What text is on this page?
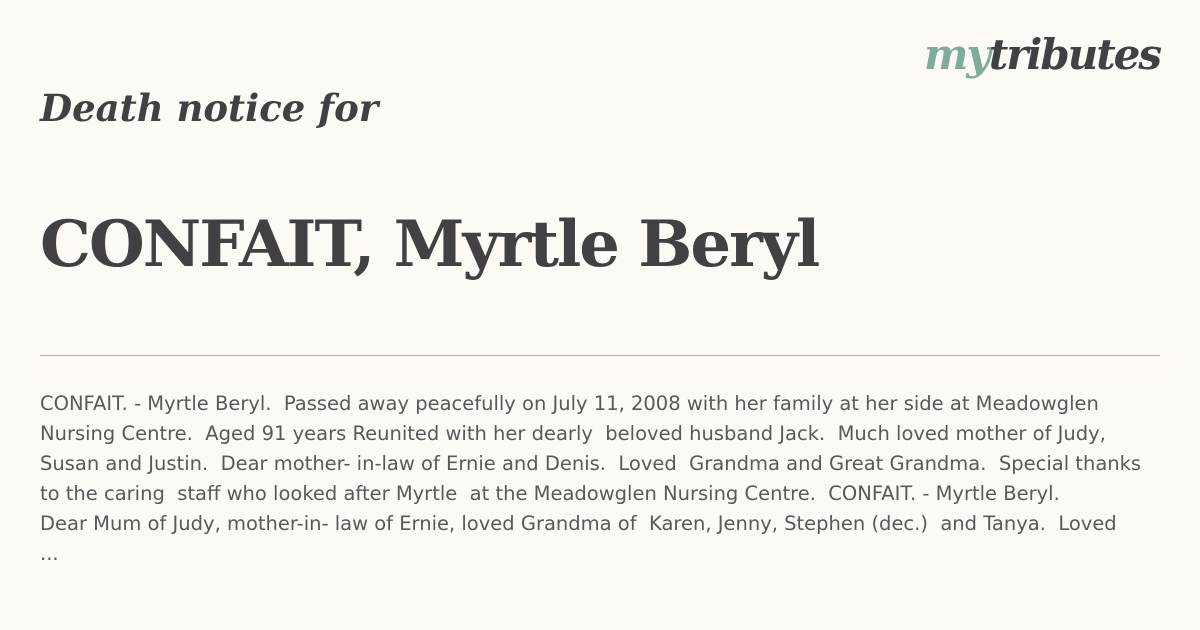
mytributes
Death notice for
CONFAIT, Myrtle Beryl
CONFAIT. - Myrtle Beryl.  Passed away peacefully on July 11, 2008 with her family at her side at Meadowglen
Nursing Centre.  Aged 91 years Reunited with her dearly  beloved husband Jack.  Much loved mother of Judy,
Susan and Justin.  Dear mother- in-law of Ernie and Denis.  Loved  Grandma and Great Grandma.  Special thanks
to the caring  staff who looked after Myrtle  at the Meadowglen Nursing Centre.  CONFAIT. - Myrtle Beryl.
Dear Mum of Judy, mother-in- law of Ernie, loved Grandma of  Karen, Jenny, Stephen (dec.)  and Tanya.  Loved
...
